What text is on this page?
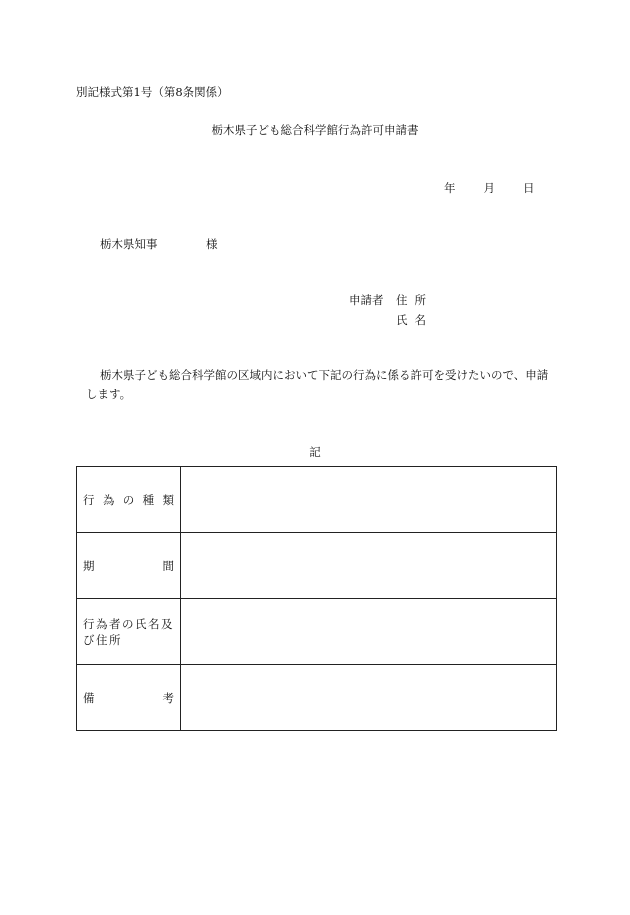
別記様式第1号（第8条関係）
栃木県子ども総合科学館行為許可申請書
年 月 日
栃木県知事	様
申請者 住所
氏名
栃木県子ども総合科学館の区域内において下記の行為に係る許可を受けたいので、申請します。
記
行 為 の 種 類	

期 間	

行為者の氏名及び住所	

備 考	
